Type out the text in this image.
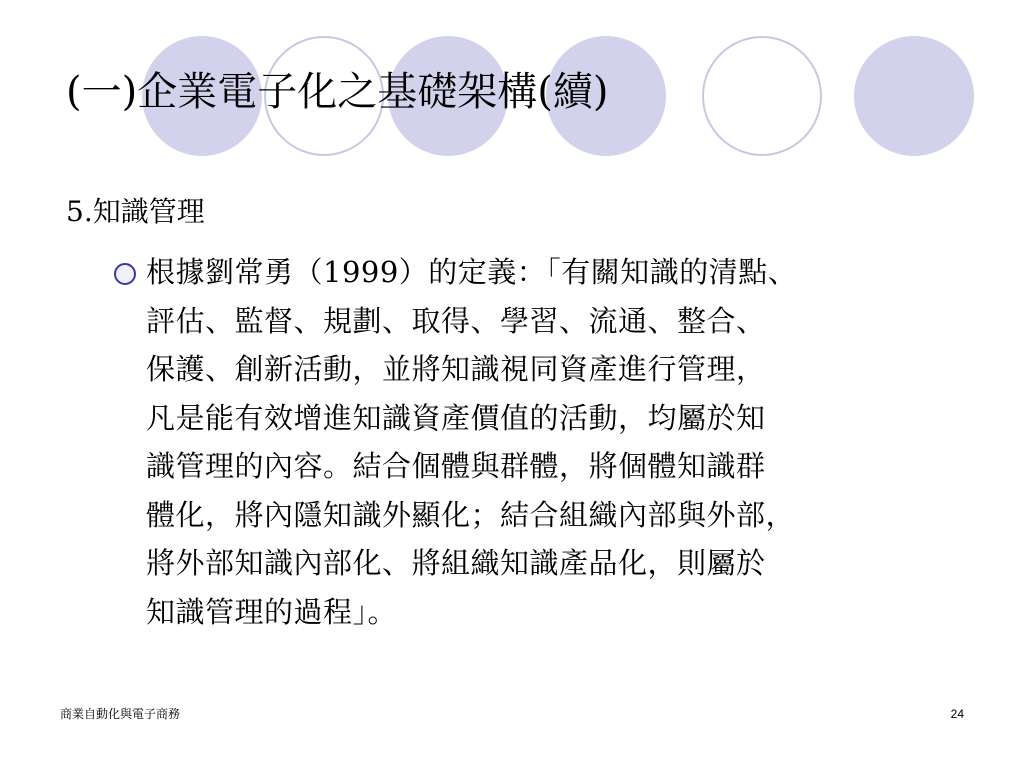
(一)企業電子化之基礎架構(續)
5.知識管理
根據劉常勇（1999）的定義：「有關知識的清點、
評估、監督、規劃、取得、學習、流通、整合、
保護、創新活動，並將知識視同資產進行管理，
凡是能有效增進知識資產價值的活動，均屬於知
識管理的內容。結合個體與群體，將個體知識群
體化，將內隱知識外顯化；結合組織內部與外部，
將外部知識內部化、將組織知識產品化，則屬於
知識管理的過程」。
商業自動化與電子商務	24
